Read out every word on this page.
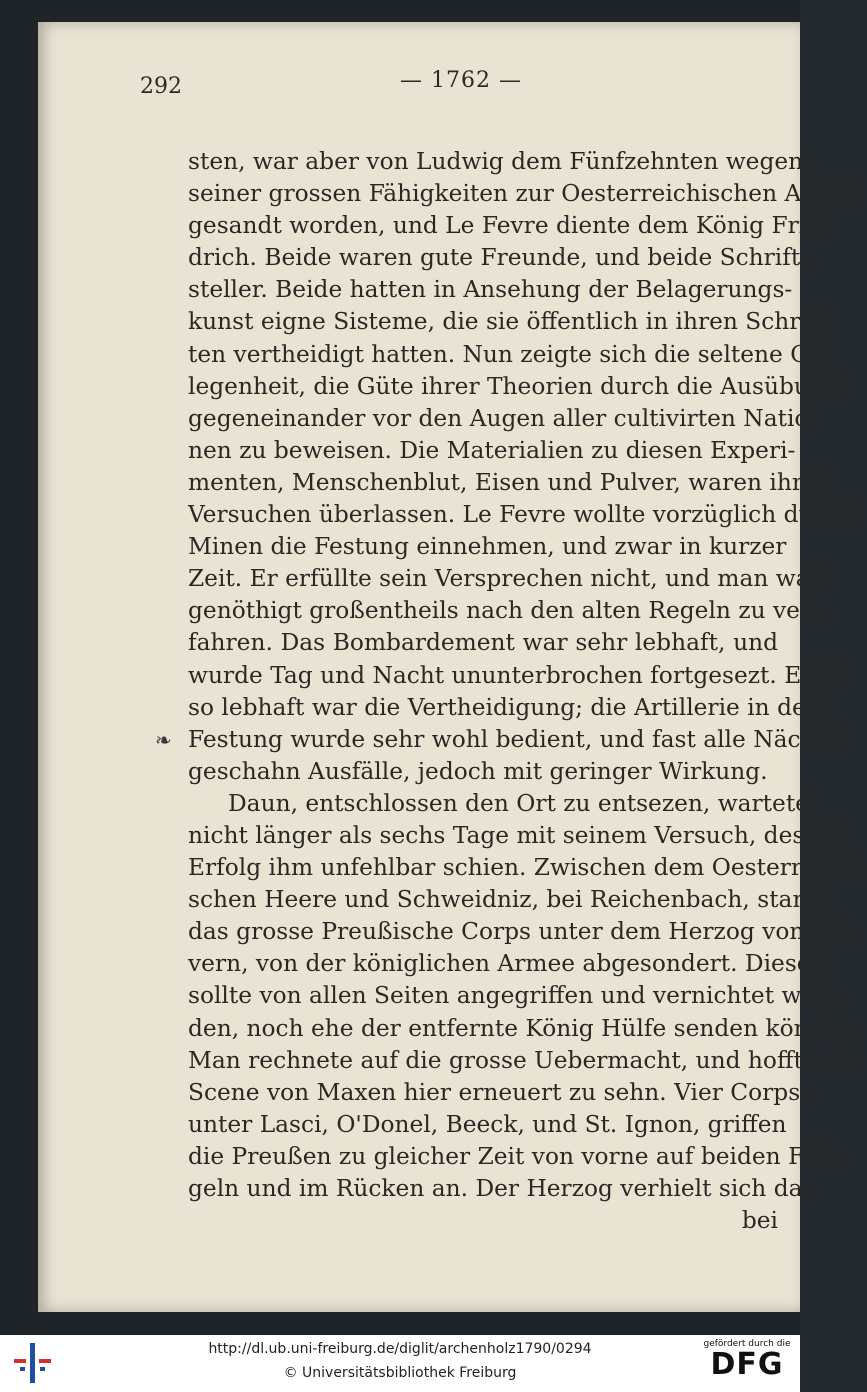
292	— 1762 —
❧
sten, war aber von Ludwig dem Fünfzehnten wegen
seiner grossen Fähigkeiten zur Oesterreichischen Armee
gesandt worden, und Le Fevre diente dem König Frie-
drich. Beide waren gute Freunde, und beide Schrift-
steller. Beide hatten in Ansehung der Belagerungs-
kunst eigne Sisteme, die sie öffentlich in ihren Schrif-
ten vertheidigt hatten. Nun zeigte sich die seltene Ge-
legenheit, die Güte ihrer Theorien durch die Ausübung
gegeneinander vor den Augen aller cultivirten Natio-
nen zu beweisen. Die Materialien zu diesen Experi-
menten, Menschenblut, Eisen und Pulver, waren ihren
Versuchen überlassen. Le Fevre wollte vorzüglich durch
Minen die Festung einnehmen, und zwar in kurzer
Zeit. Er erfüllte sein Versprechen nicht, und man war
genöthigt großentheils nach den alten Regeln zu ver-
fahren. Das Bombardement war sehr lebhaft, und
wurde Tag und Nacht ununterbrochen fortgesezt. Eben
so lebhaft war die Vertheidigung; die Artillerie in der
Festung wurde sehr wohl bedient, und fast alle Nächte
geschahn Ausfälle, jedoch mit geringer Wirkung.
Daun, entschlossen den Ort zu entsezen, wartete
nicht länger als sechs Tage mit seinem Versuch, dessen
Erfolg ihm unfehlbar schien. Zwischen dem Oesterreichi-
schen Heere und Schweidniz, bei Reichenbach, stand
das grosse Preußische Corps unter dem Herzog von Be-
vern, von der königlichen Armee abgesondert. Dieses
sollte von allen Seiten angegriffen und vernichtet wer-
den, noch ehe der entfernte König Hülfe senden könnte.
Man rechnete auf die grosse Uebermacht, und hoffte die
Scene von Maxen hier erneuert zu sehn. Vier Corps,
unter Lasci, O'Donel, Beeck, und St. Ignon, griffen
die Preußen zu gleicher Zeit von vorne auf beiden Flü-
geln und im Rücken an. Der Herzog verhielt sich da-
bei
http://dl.ub.uni-freiburg.de/diglit/archenholz1790/0294
© Universitätsbibliothek Freiburg
gefördert durch die
DFG
